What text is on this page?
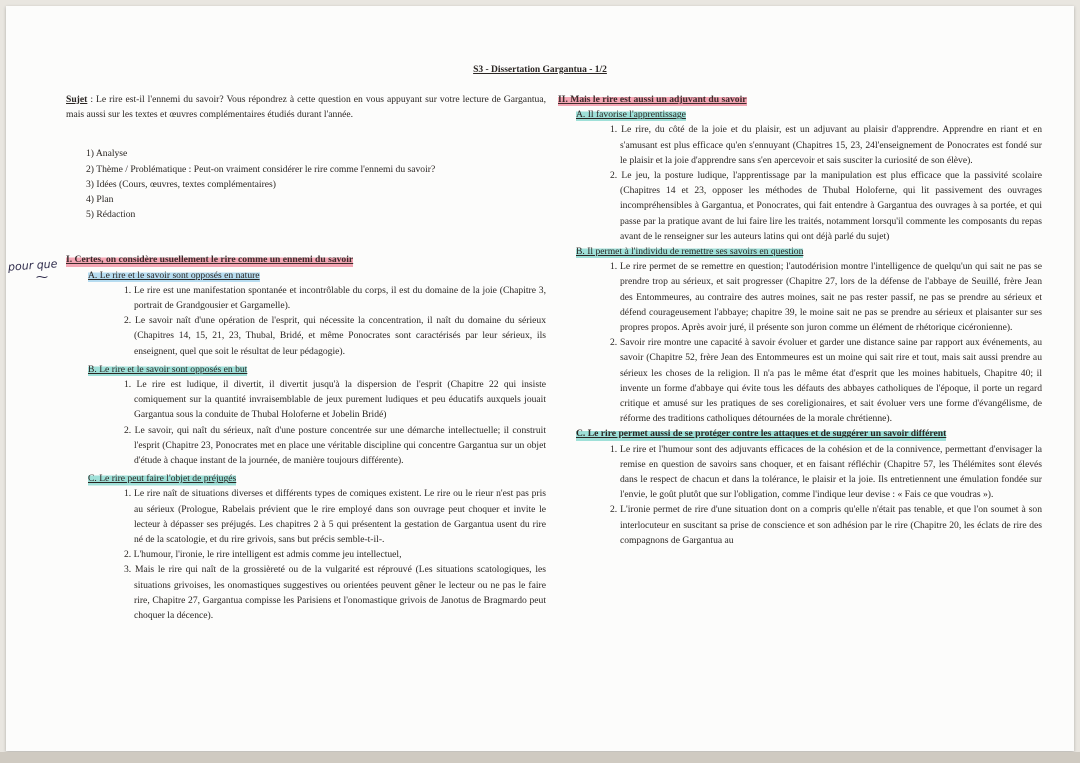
S3 - Dissertation Gargantua - 1/2
pour que
⁓

Sujet : Le rire est-il l'ennemi du savoir? Vous répondrez à cette question en vous appuyant sur votre lecture de Gargantua, mais aussi sur les textes et œuvres complémentaires étudiés durant l'année.

1) Analyse
2) Thème / Problématique : Peut-on vraiment considérer le rire comme l'ennemi du savoir?
3) Idées (Cours, œuvres, textes complémentaires)
4) Plan
5) Rédaction
I. Certes, on considère usuellement le rire comme un ennemi du savoir
A. Le rire et le savoir sont opposés en nature

1. Le rire est une manifestation spontanée et incontrôlable du corps, il est du domaine de la joie (Chapitre 3, portrait de Grandgousier et Gargamelle).

2. Le savoir naît d'une opération de l'esprit, qui nécessite la concentration, il naît du domaine du sérieux (Chapitres 14, 15, 21, 23, Thubal, Bridé, et même Ponocrates sont caractérisés par leur sérieux, ils enseignent, quel que soit le résultat de leur pédagogie).

B. Le rire et le savoir sont opposés en but

1. Le rire est ludique, il divertit, il divertit jusqu'à la dispersion de l'esprit (Chapitre 22 qui insiste comiquement sur la quantité invraisemblable de jeux purement ludiques et peu éducatifs auxquels jouait Gargantua sous la conduite de Thubal Holoferne et Jobelin Bridé)

2. Le savoir, qui naît du sérieux, naît d'une posture concentrée sur une démarche intellectuelle; il construit l'esprit (Chapitre 23, Ponocrates met en place une véritable discipline qui concentre Gargantua sur un objet d'étude à chaque instant de la journée, de manière toujours différente).

C. Le rire peut faire l'objet de préjugés

1. Le rire naît de situations diverses et différents types de comiques existent. Le rire ou le rieur n'est pas pris au sérieux (Prologue, Rabelais prévient que le rire employé dans son ouvrage peut choquer et invite le lecteur à dépasser ses préjugés. Les chapitres 2 à 5 qui présentent la gestation de Gargantua usent du rire né de la scatologie, et du rire grivois, sans but précis semble-t-il-.

2. L'humour, l'ironie, le rire intelligent est admis comme jeu intellectuel,

3. Mais le rire qui naît de la grossièreté ou de la vulgarité est réprouvé (Les situations scatologiques, les situations grivoises, les onomastiques suggestives ou orientées peuvent gêner le lecteur ou ne pas le faire rire, Chapitre 27, Gargantua compisse les Parisiens et l'onomastique grivois de Janotus de Bragmardo peut choquer la décence).

II. Mais le rire est aussi un adjuvant du savoir
A. Il favorise l'apprentissage

1. Le rire, du côté de la joie et du plaisir, est un adjuvant au plaisir d'apprendre. Apprendre en riant et en s'amusant est plus efficace qu'en s'ennuyant (Chapitres 15, 23, 24l'enseignement de Ponocrates est fondé sur le plaisir et la joie d'apprendre sans s'en apercevoir et sais susciter la curiosité de son élève).

2. Le jeu, la posture ludique, l'apprentissage par la manipulation est plus efficace que la passivité scolaire (Chapitres 14 et 23, opposer les méthodes de Thubal Holoferne, qui lit passivement des ouvrages incompréhensibles à Gargantua, et Ponocrates, qui fait entendre à Gargantua des ouvrages à sa portée, et qui passe par la pratique avant de lui faire lire les traités, notamment lorsqu'il commente les composants du repas avant de le renseigner sur les auteurs latins qui ont déjà parlé du sujet)

B. Il permet à l'individu de remettre ses savoirs en question

1. Le rire permet de se remettre en question; l'autodérision montre l'intelligence de quelqu'un qui sait ne pas se prendre trop au sérieux, et sait progresser (Chapitre 27, lors de la défense de l'abbaye de Seuillé, frère Jean des Entommeures, au contraire des autres moines, sait ne pas rester passif, ne pas se prendre au sérieux et défend courageusement l'abbaye; chapitre 39, le moine sait ne pas se prendre au sérieux et plaisanter sur ses propres propos. Après avoir juré, il présente son juron comme un élément de rhétorique cicéronienne).

2. Savoir rire montre une capacité à savoir évoluer et garder une distance saine par rapport aux événements, au savoir (Chapitre 52, frère Jean des Entommeures est un moine qui sait rire et tout, mais sait aussi prendre au sérieux les choses de la religion. Il n'a pas le même état d'esprit que les moines habituels, Chapitre 40; il invente un forme d'abbaye qui évite tous les défauts des abbayes catholiques de l'époque, il porte un regard critique et amusé sur les pratiques de ses coreligionaires, et sait évoluer vers une forme d'évangélisme, de réforme des traditions catholiques détournées de la morale chrétienne).

C. Le rire permet aussi de se protéger contre les attaques et de suggérer un savoir différent

1. Le rire et l'humour sont des adjuvants efficaces de la cohésion et de la connivence, permettant d'envisager la remise en question de savoirs sans choquer, et en faisant réfléchir (Chapitre 57, les Thélémites sont élevés dans le respect de chacun et dans la tolérance, le plaisir et la joie. Ils entretiennent une émulation fondée sur l'envie, le goût plutôt que sur l'obligation, comme l'indique leur devise : « Fais ce que voudras »).

2. L'ironie permet de rire d'une situation dont on a compris qu'elle n'était pas tenable, et que l'on soumet à son interlocuteur en suscitant sa prise de conscience et son adhésion par le rire (Chapitre 20, les éclats de rire des compagnons de Gargantua au
